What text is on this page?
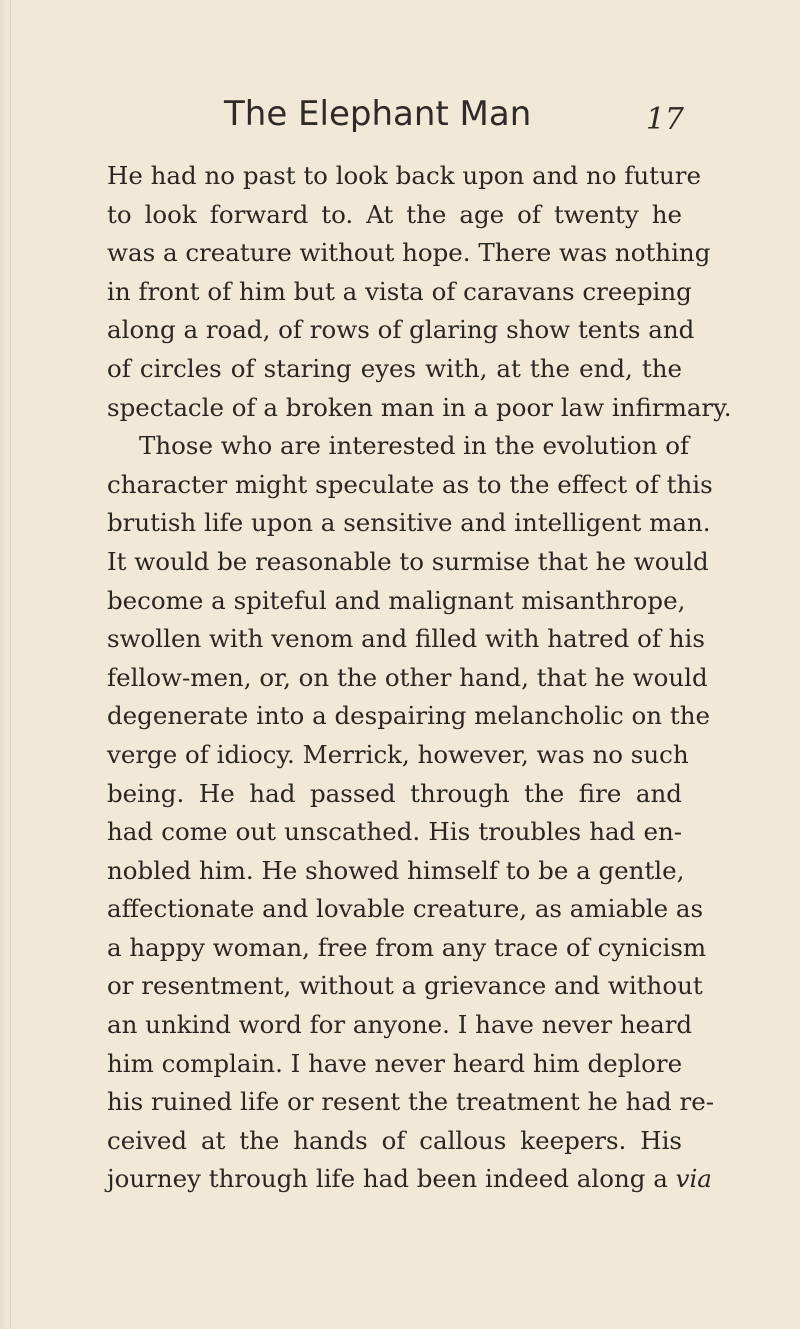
The Elephant Man	17
He had no past to look back upon and no future
to look forward to. At the age of twenty he
was a creature without hope. There was nothing
in front of him but a vista of caravans creeping
along a road, of rows of glaring show tents and
of circles of staring eyes with, at the end, the
spectacle of a broken man in a poor law infirmary.
Those who are interested in the evolution of
character might speculate as to the effect of this
brutish life upon a sensitive and intelligent man.
It would be reasonable to surmise that he would
become a spiteful and malignant misanthrope,
swollen with venom and filled with hatred of his
fellow-men, or, on the other hand, that he would
degenerate into a despairing melancholic on the
verge of idiocy. Merrick, however, was no such
being. He had passed through the fire and
had come out unscathed. His troubles had en-
nobled him. He showed himself to be a gentle,
affectionate and lovable creature, as amiable as
a happy woman, free from any trace of cynicism
or resentment, without a grievance and without
an unkind word for anyone. I have never heard
him complain. I have never heard him deplore
his ruined life or resent the treatment he had re-
ceived at the hands of callous keepers. His
journey through life had been indeed along a via
